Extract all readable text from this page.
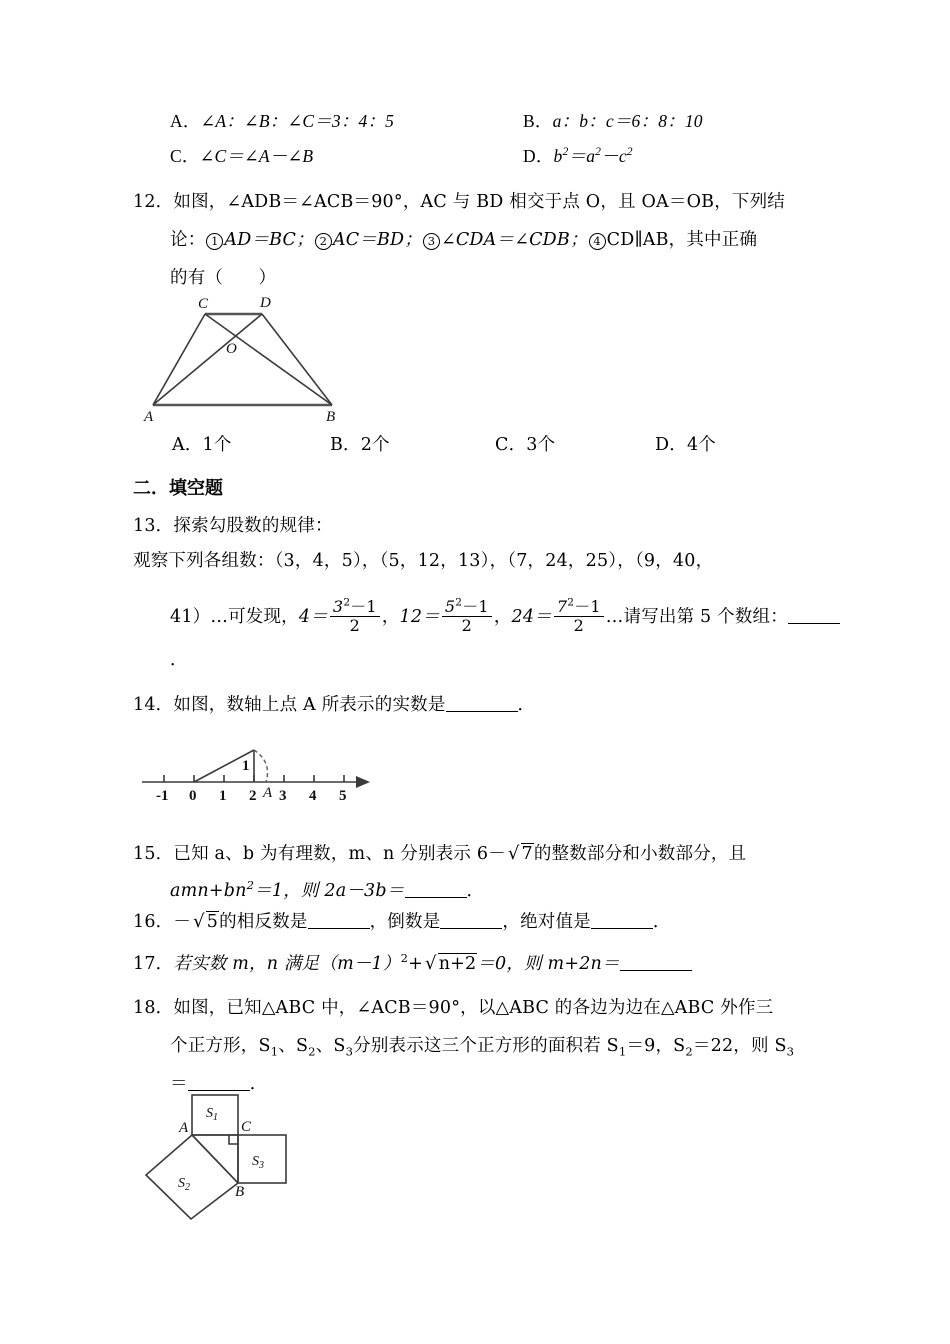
A．∠A：∠B：∠C＝3：4：5	B．a：b：c＝6：8：10
C．∠C＝∠A－∠B	D．$b^2=a^2-c^2$
12．如图，∠ADB＝∠ACB＝90°，AC 与 BD 相交于点 O，且 OA＝OB，下列结
论： 1 AD＝BC； 2 AC＝BD； 3 ∠CDA＝∠CDB； 4 CD∥AB，其中正确
的有（　　）
C	D
O
A	B
A．1个	B．2个	C．3个	D．4个
二．填空题
13．探索勾股数的规律：
观察下列各组数：（3，4，5），（5，12，13），（7，24，25），（9，40，
41）…可发现，$4= \frac{3^2-1}{2}$ ，$12= \frac{5^2-1}{2}$ ，$24= \frac{7^2-1}{2}$ …请写出第 5 个数组：
．
14．如图，数轴上点 A 所表示的实数是	．
1
-1 0 1 2 3 4 5
A
15．已知 a、b 为有理数，m、n 分别表示 6－ √ 7的整数部分和小数部分，且
$amn+bn^2=1$，则 2a－3b＝	．
16．－ √ 5的相反数是	，倒数是	，绝对值是	．
17．若实数 m，n 满足$(m-1)^2+$ √ n+2＝0，则 m+2n＝
18．如图，已知△ABC 中，∠ACB＝90°，以△ABC 的各边为边在△ABC 外作三
个正方形，$S_1$、$S_2$、$S_3$分别表示这三个正方形的面积若 $S_1=9$，$S_2=22$，则 $S_3$
＝	．
$S_1$
$S_2$
$S_3$
A	C
B
